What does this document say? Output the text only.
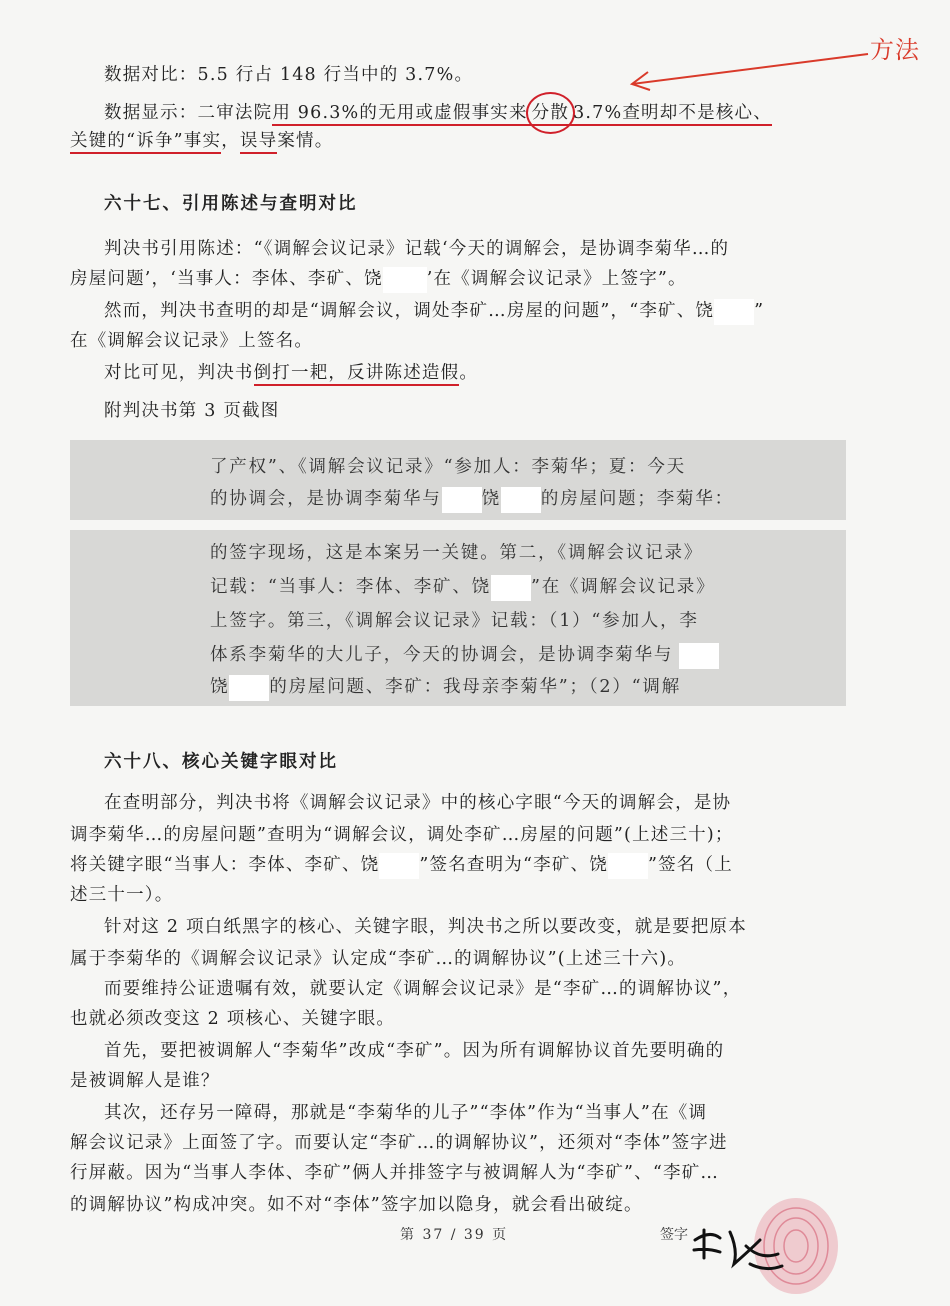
方法
数据对比：5.5 行占 148 行当中的 3.7%。
数据显示：二审法院用 96.3%的无用或虚假事实来 分散 3.7%查明却不是核心、
关键的“诉争”事实，误导案情。
六十七、引用陈述与查明对比
判决书引用陈述：“《调解会议记录》记载‘今天的调解会，是协调李菊华…的
房屋问题’，‘当事人：李体、李矿、饶	’在《调解会议记录》上签字”。
然而，判决书查明的却是“调解会议，调处李矿…房屋的问题”，“李矿、饶 ”
在《调解会议记录》上签名。
对比可见，判决书倒打一耙，反讲陈述造假。
附判决书第 3 页截图
了产权”、《调解会议记录》“参加人：李菊华；夏：今天
的协调会，是协调李菊华与 饶 的房屋问题；李菊华：
的签字现场，这是本案另一关键。第二，《调解会议记录》
记载：“当事人：李体、李矿、饶 ”在《调解会议记录》
上签字。第三，《调解会议记录》记载：（1）“参加人，李
体系李菊华的大儿子，今天的协调会，是协调李菊华与
饶 的房屋问题、李矿：我母亲李菊华”；（2）“调解
六十八、核心关键字眼对比
在查明部分，判决书将《调解会议记录》中的核心字眼“今天的调解会，是协
调李菊华…的房屋问题”查明为“调解会议，调处李矿…房屋的问题”(上述三十)；
将关键字眼“当事人：李体、李矿、饶 ”签名查明为“李矿、饶 ”签名（上
述三十一）。
针对这 2 项白纸黑字的核心、关键字眼，判决书之所以要改变，就是要把原本
属于李菊华的《调解会议记录》认定成“李矿…的调解协议”(上述三十六)。
而要维持公证遗嘱有效，就要认定《调解会议记录》是“李矿…的调解协议”，
也就必须改变这 2 项核心、关键字眼。
首先，要把被调解人“李菊华”改成“李矿”。因为所有调解协议首先要明确的
是被调解人是谁？
其次，还存另一障碍，那就是“李菊华的儿子”“李体”作为“当事人”在《调
解会议记录》上面签了字。而要认定“李矿…的调解协议”，还须对“李体”签字进
行屏蔽。因为“当事人李体、李矿”俩人并排签字与被调解人为“李矿”、“李矿…
的调解协议”构成冲突。如不对“李体”签字加以隐身，就会看出破绽。
第 37 / 39 页	签字
